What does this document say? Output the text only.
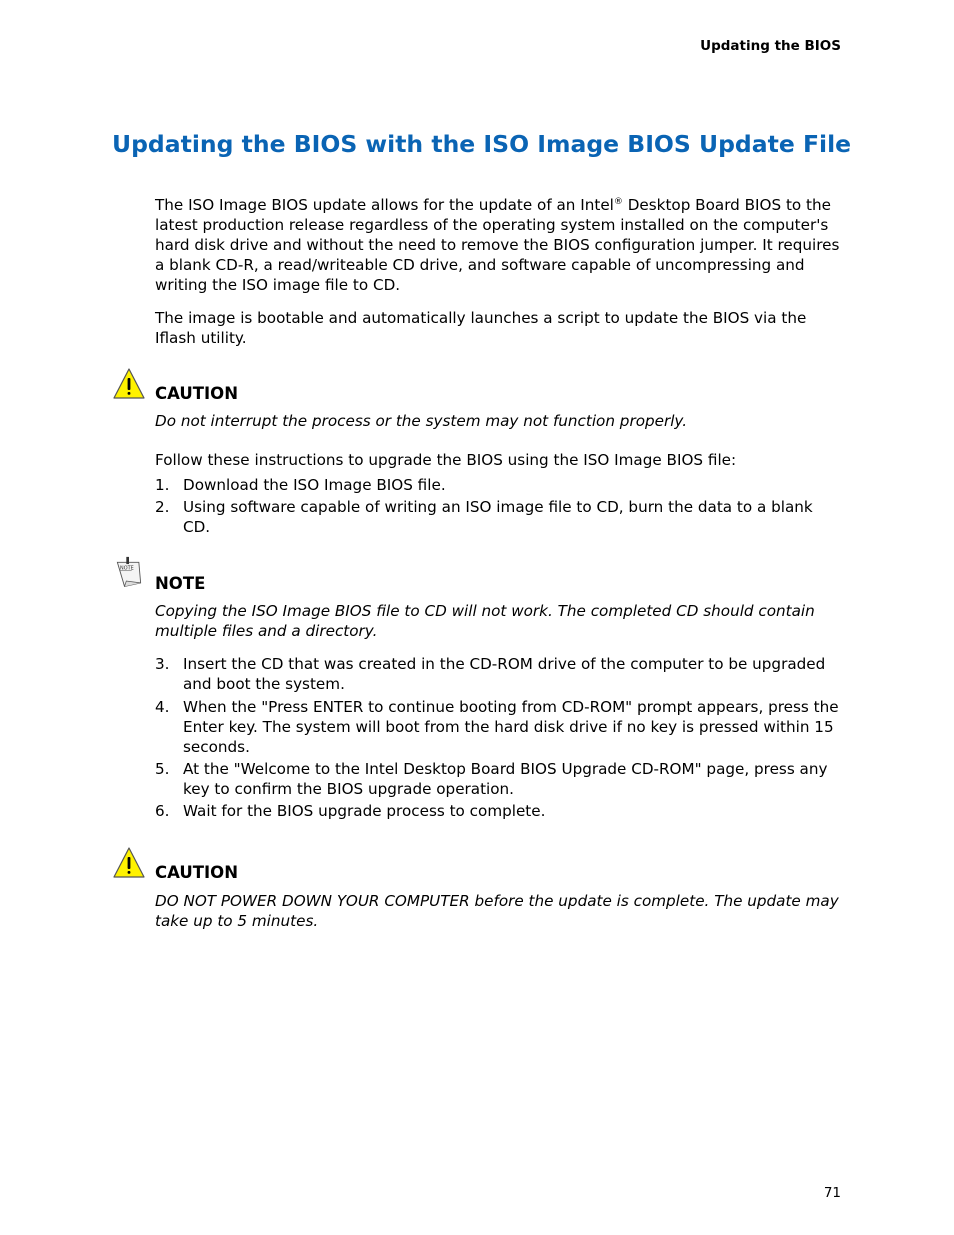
Updating the BIOS
Updating the BIOS with the ISO Image BIOS Update File

The ISO Image BIOS update allows for the update of an Intel® Desktop Board BIOS to the latest production release regardless of the operating system installed on the computer's hard disk drive and without the need to remove the BIOS configuration jumper. It requires a blank CD-R, a read/writeable CD drive, and software capable of uncompressing and writing the ISO image file to CD.

The image is bootable and automatically launches a script to update the BIOS via the Iflash utility.

CAUTION

Do not interrupt the process or the system may not function properly.

Follow these instructions to upgrade the BIOS using the ISO Image BIOS file:

1. Download the ISO Image BIOS file.
2. Using software capable of writing an ISO image file to CD, burn the data to a blank CD.
NOTE
NOTE

Copying the ISO Image BIOS file to CD will not work. The completed CD should contain multiple files and a directory.

3. Insert the CD that was created in the CD-ROM drive of the computer to be upgraded and boot the system.
4. When the "Press ENTER to continue booting from CD-ROM" prompt appears, press the Enter key. The system will boot from the hard disk drive if no key is pressed within 15 seconds.
5. At the "Welcome to the Intel Desktop Board BIOS Upgrade CD-ROM" page, press any key to confirm the BIOS upgrade operation.
6. Wait for the BIOS upgrade process to complete.
CAUTION

DO NOT POWER DOWN YOUR COMPUTER before the update is complete. The update may take up to 5 minutes.

71
